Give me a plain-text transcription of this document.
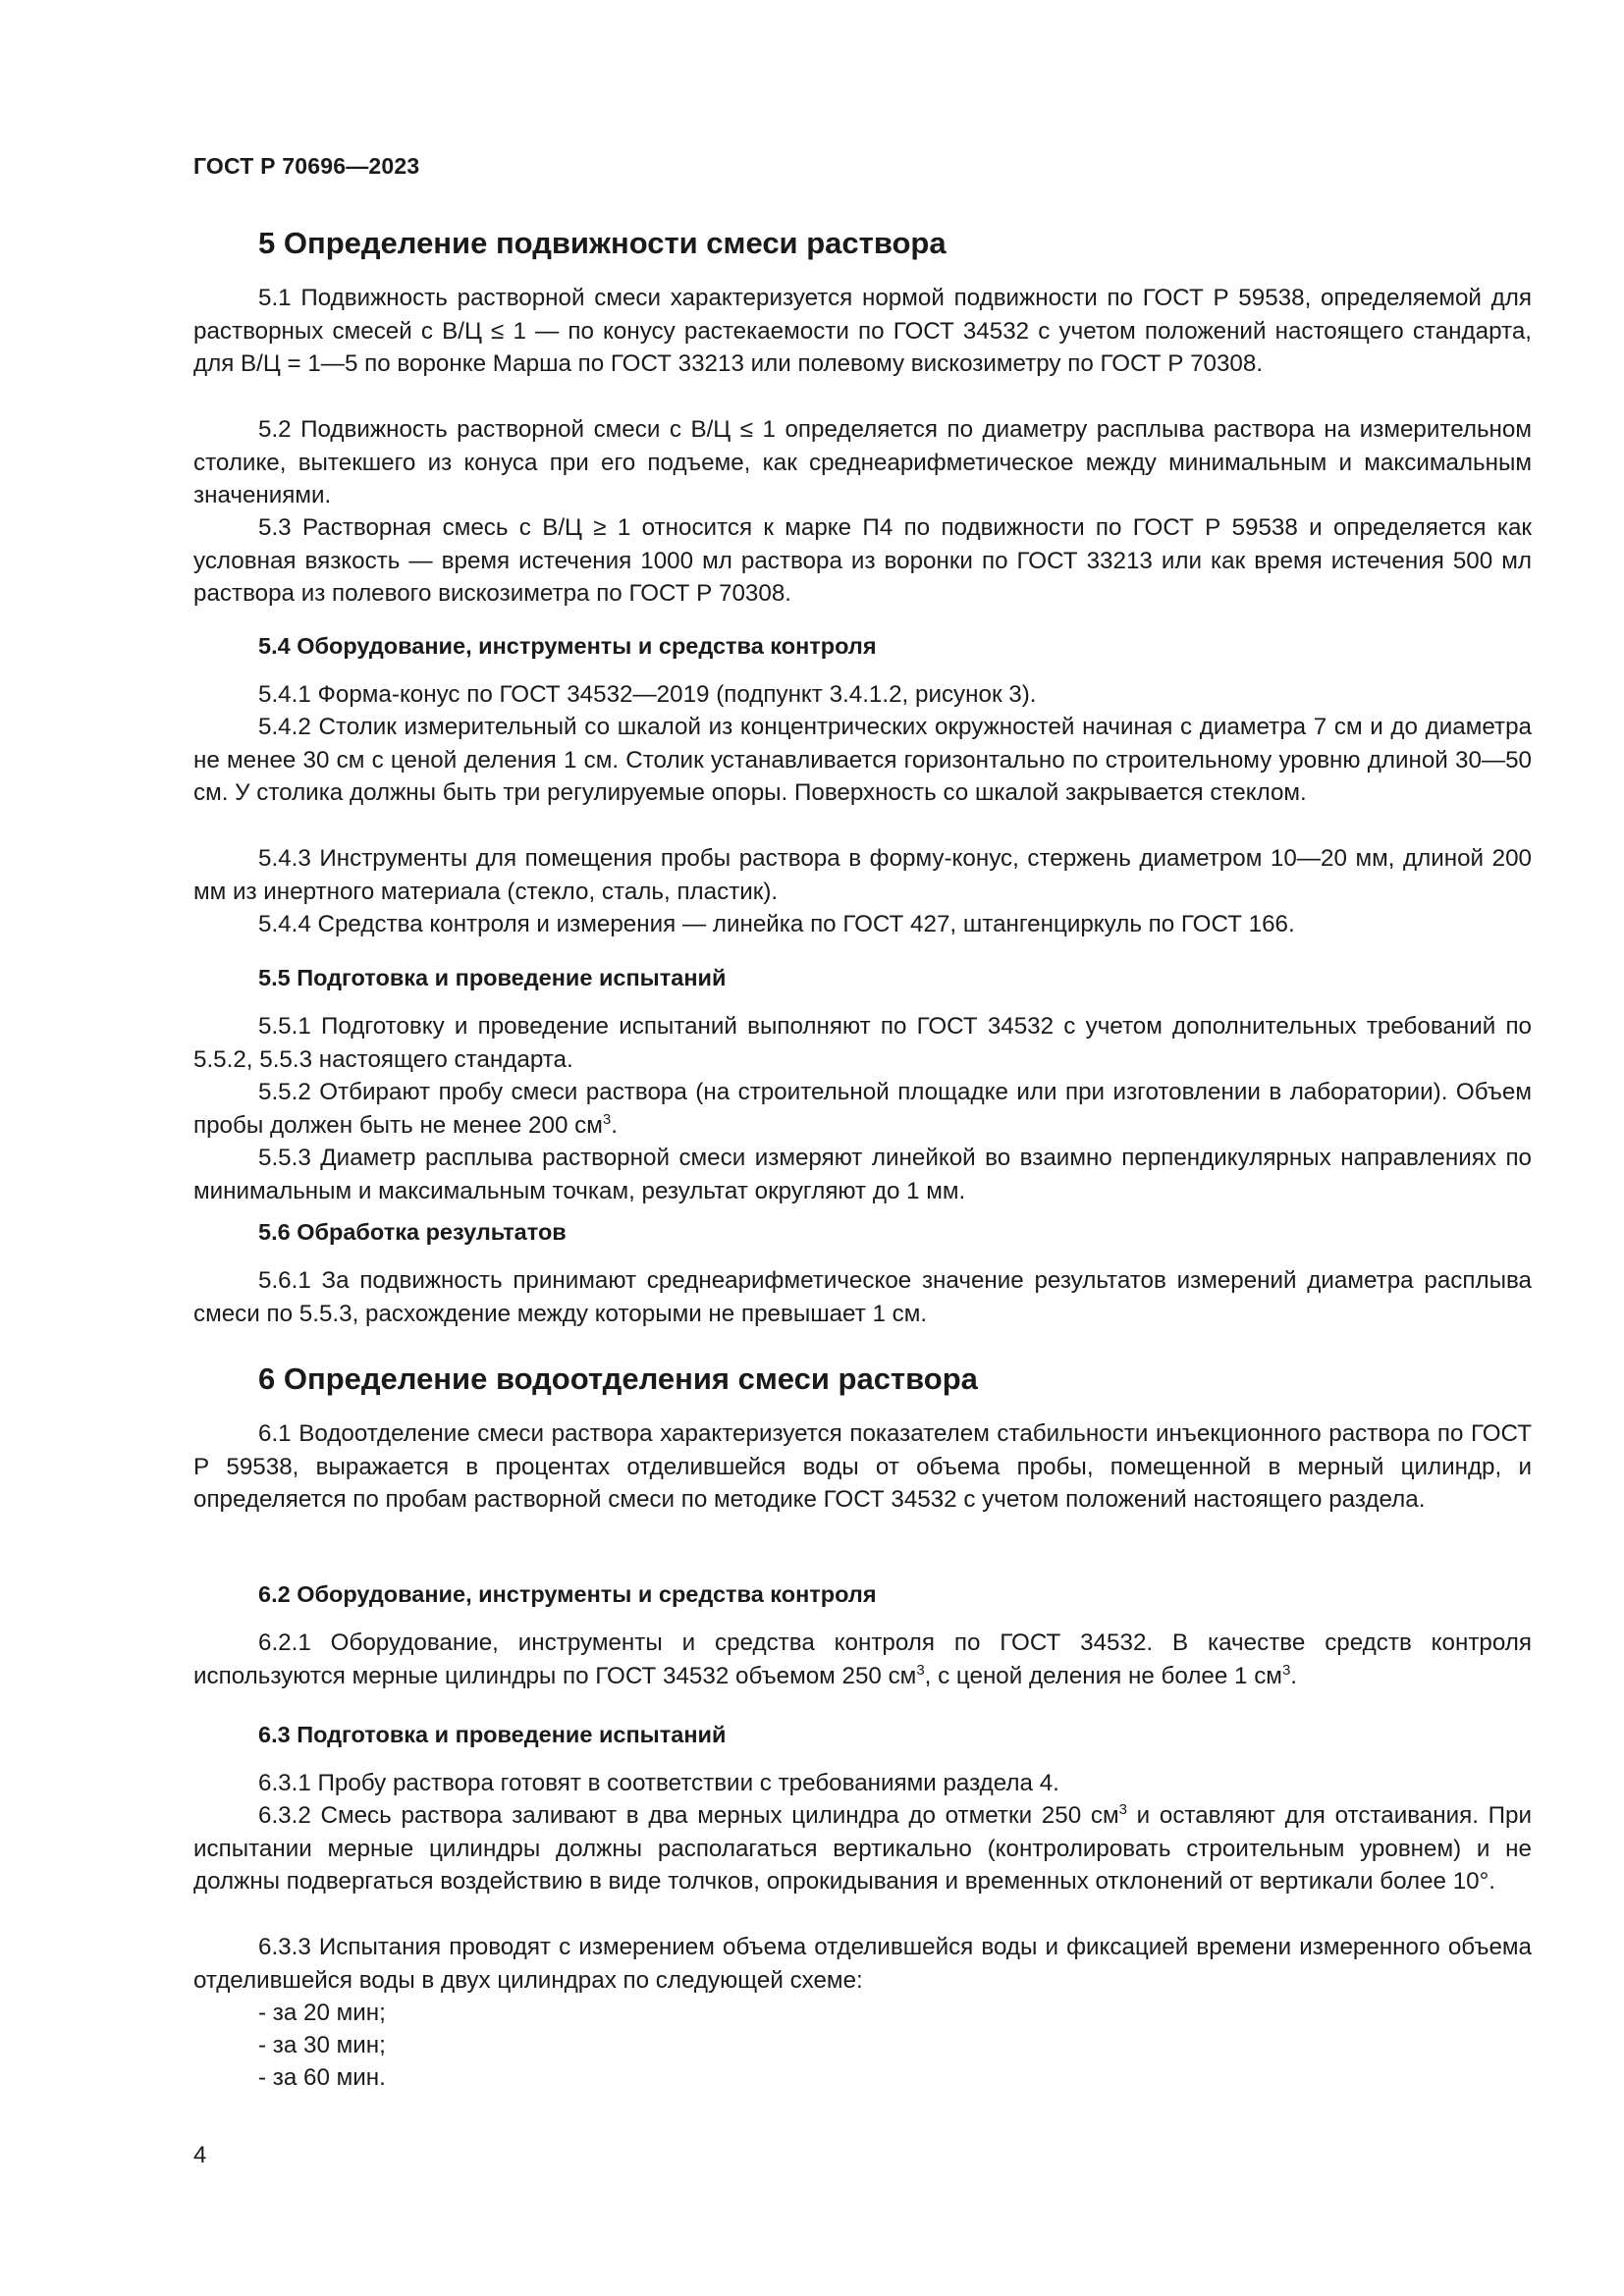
ГОСТ Р 70696—2023
5 Определение подвижности смеси раствора

5.1 Подвижность растворной смеси характеризуется нормой подвижности по ГОСТ Р 59538, определяемой для растворных смесей с В/Ц ≤ 1 — по конусу растекаемости по ГОСТ 34532 с учетом положений настоящего стандарта, для В/Ц = 1—5 по воронке Марша по ГОСТ 33213 или полевому вискозиметру по ГОСТ Р 70308.

5.2 Подвижность растворной смеси с В/Ц ≤ 1 определяется по диаметру расплыва раствора на измерительном столике, вытекшего из конуса при его подъеме, как среднеарифметическое между минимальным и максимальным значениями.

5.3 Растворная смесь с В/Ц ≥ 1 относится к марке П4 по подвижности по ГОСТ Р 59538 и определяется как условная вязкость — время истечения 1000 мл раствора из воронки по ГОСТ 33213 или как время истечения 500 мл раствора из полевого вискозиметра по ГОСТ Р 70308.

5.4 Оборудование, инструменты и средства контроля

5.4.1 Форма-конус по ГОСТ 34532—2019 (подпункт 3.4.1.2, рисунок 3).

5.4.2 Столик измерительный со шкалой из концентрических окружностей начиная с диаметра 7 см и до диаметра не менее 30 см с ценой деления 1 см. Столик устанавливается горизонтально по строительному уровню длиной 30—50 см. У столика должны быть три регулируемые опоры. Поверхность со шкалой закрывается стеклом.

5.4.3 Инструменты для помещения пробы раствора в форму-конус, стержень диаметром 10—20 мм, длиной 200 мм из инертного материала (стекло, сталь, пластик).

5.4.4 Средства контроля и измерения — линейка по ГОСТ 427, штангенциркуль по ГОСТ 166.

5.5 Подготовка и проведение испытаний

5.5.1 Подготовку и проведение испытаний выполняют по ГОСТ 34532 с учетом дополнительных требований по 5.5.2, 5.5.3 настоящего стандарта.

5.5.2 Отбирают пробу смеси раствора (на строительной площадке или при изготовлении в лаборатории). Объем пробы должен быть не менее 200 $см^3$.

5.5.3 Диаметр расплыва растворной смеси измеряют линейкой во взаимно перпендикулярных направлениях по минимальным и максимальным точкам, результат округляют до 1 мм.

5.6 Обработка результатов

5.6.1 За подвижность принимают среднеарифметическое значение результатов измерений диаметра расплыва смеси по 5.5.3, расхождение между которыми не превышает 1 см.

6 Определение водоотделения смеси раствора

6.1 Водоотделение смеси раствора характеризуется показателем стабильности инъекционного раствора по ГОСТ Р 59538, выражается в процентах отделившейся воды от объема пробы, помещенной в мерный цилиндр, и определяется по пробам растворной смеси по методике ГОСТ 34532 с учетом положений настоящего раздела.

6.2 Оборудование, инструменты и средства контроля

6.2.1 Оборудование, инструменты и средства контроля по ГОСТ 34532. В качестве средств контроля используются мерные цилиндры по ГОСТ 34532 объемом 250 $см^3$, с ценой деления не более 1 $см^3$.

6.3 Подготовка и проведение испытаний

6.3.1 Пробу раствора готовят в соответствии с требованиями раздела 4.

6.3.2 Смесь раствора заливают в два мерных цилиндра до отметки 250 $см^3$ и оставляют для отстаивания. При испытании мерные цилиндры должны располагаться вертикально (контролировать строительным уровнем) и не должны подвергаться воздействию в виде толчков, опрокидывания и временных отклонений от вертикали более 10°.

6.3.3 Испытания проводят с измерением объема отделившейся воды и фиксацией времени измеренного объема отделившейся воды в двух цилиндрах по следующей схеме:

- за 20 мин;
- за 30 мин;
- за 60 мин.
4
